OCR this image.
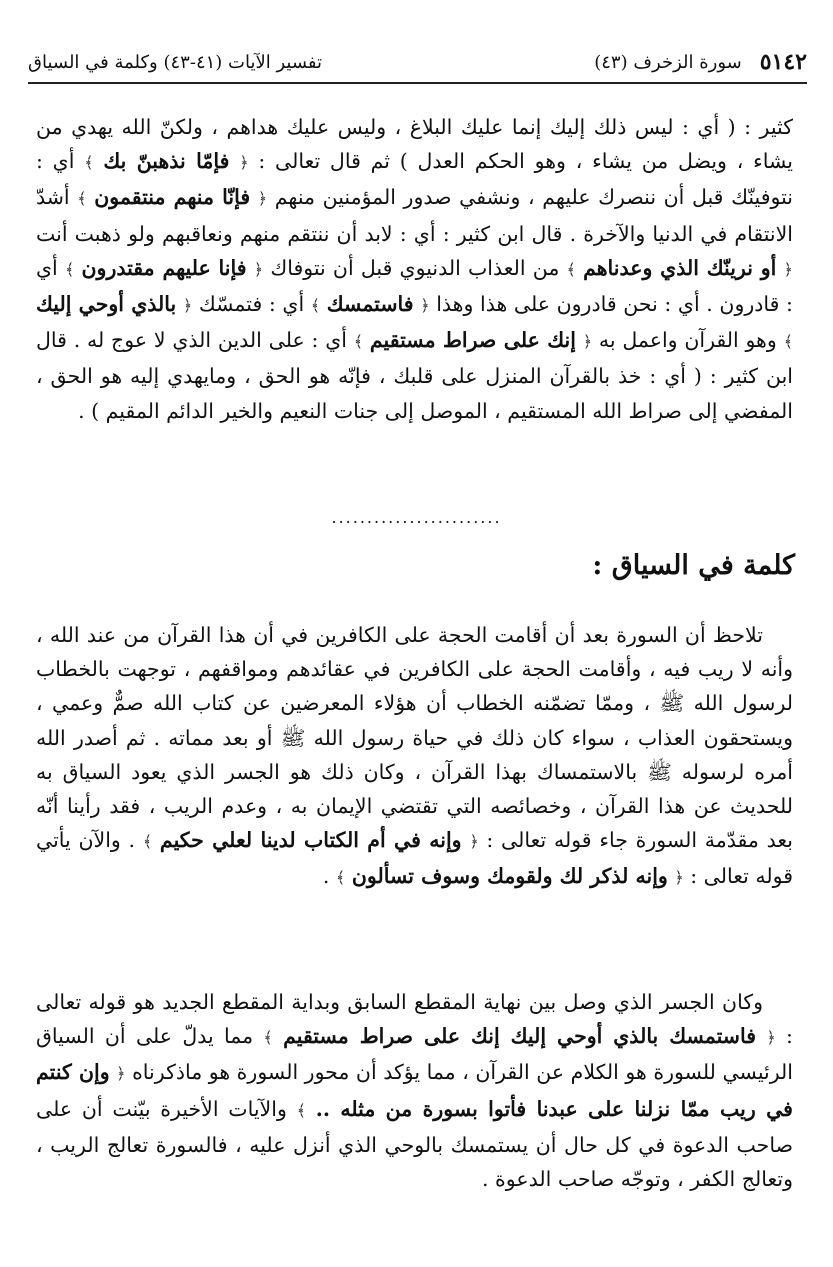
٥١٤٢
(٤٣) سورة الزخرف
تفسير الآيات (٤١-٤٣) وكلمة في السياق

كثير : ( أي : ليس ذلك إليك إنما عليك البلاغ ، وليس عليك هداهم ، ولكنّ الله يهدي من يشاء ، ويضل من يشاء ، وهو الحكم العدل ) ثم قال تعالى : ﴿ فإمّا نذهبنّ بك ﴾ أي : نتوفينّك قبل أن ننصرك عليهم ، ونشفي صدور المؤمنين منهم ﴿ فإنّا منهم منتقمون ﴾ أشدّ الانتقام في الدنيا والآخرة . قال ابن كثير : أي : لابد أن ننتقم منهم ونعاقبهم ولو ذهبت أنت ﴿ أو نرينّك الذي وعدناهم ﴾ من العذاب الدنيوي قبل أن نتوفاك ﴿ فإنا عليهم مقتدرون ﴾ أي : قادرون . أي : نحن قادرون على هذا وهذا ﴿ فاستمسك ﴾ أي : فتمسّك ﴿ بالذي أوحي إليك ﴾ وهو القرآن واعمل به ﴿ إنك على صراط مستقيم ﴾ أي : على الدين الذي لا عوج له . قال ابن كثير : ( أي : خذ بالقرآن المنزل على قلبك ، فإنّه هو الحق ، ومايهدي إليه هو الحق ، المفضي إلى صراط الله المستقيم ، الموصل إلى جنات النعيم والخير الدائم المقيم ) .

........................
كلمة في السياق :

تلاحظ أن السورة بعد أن أقامت الحجة على الكافرين في أن هذا القرآن من عند الله ، وأنه لا ريب فيه ، وأقامت الحجة على الكافرين في عقائدهم ومواقفهم ، توجهت بالخطاب لرسول الله ﷺ ، وممّا تضمّنه الخطاب أن هؤلاء المعرضين عن كتاب الله صمٌّ وعمي ، ويستحقون العذاب ، سواء كان ذلك في حياة رسول الله ﷺ أو بعد مماته . ثم أصدر الله أمره لرسوله ﷺ بالاستمساك بهذا القرآن ، وكان ذلك هو الجسر الذي يعود السياق به للحديث عن هذا القرآن ، وخصائصه التي تقتضي الإيمان به ، وعدم الريب ، فقد رأينا أنّه بعد مقدّمة السورة جاء قوله تعالى : ﴿ وإنه في أم الكتاب لدينا لعلي حكيم ﴾ . والآن يأتي قوله تعالى : ﴿ وإنه لذكر لك ولقومك وسوف تسألون ﴾ .

وكان الجسر الذي وصل بين نهاية المقطع السابق وبداية المقطع الجديد هو قوله تعالى : ﴿ فاستمسك بالذي أوحي إليك إنك على صراط مستقيم ﴾ مما يدلّ على أن السياق الرئيسي للسورة هو الكلام عن القرآن ، مما يؤكد أن محور السورة هو ماذكرناه ﴿ وإن كنتم في ريب ممّا نزلنا على عبدنا فأتوا بسورة من مثله .. ﴾ والآيات الأخيرة بيّنت أن على صاحب الدعوة في كل حال أن يستمسك بالوحي الذي أنزل عليه ، فالسورة تعالج الريب ، وتعالج الكفر ، وتوجّه صاحب الدعوة .
